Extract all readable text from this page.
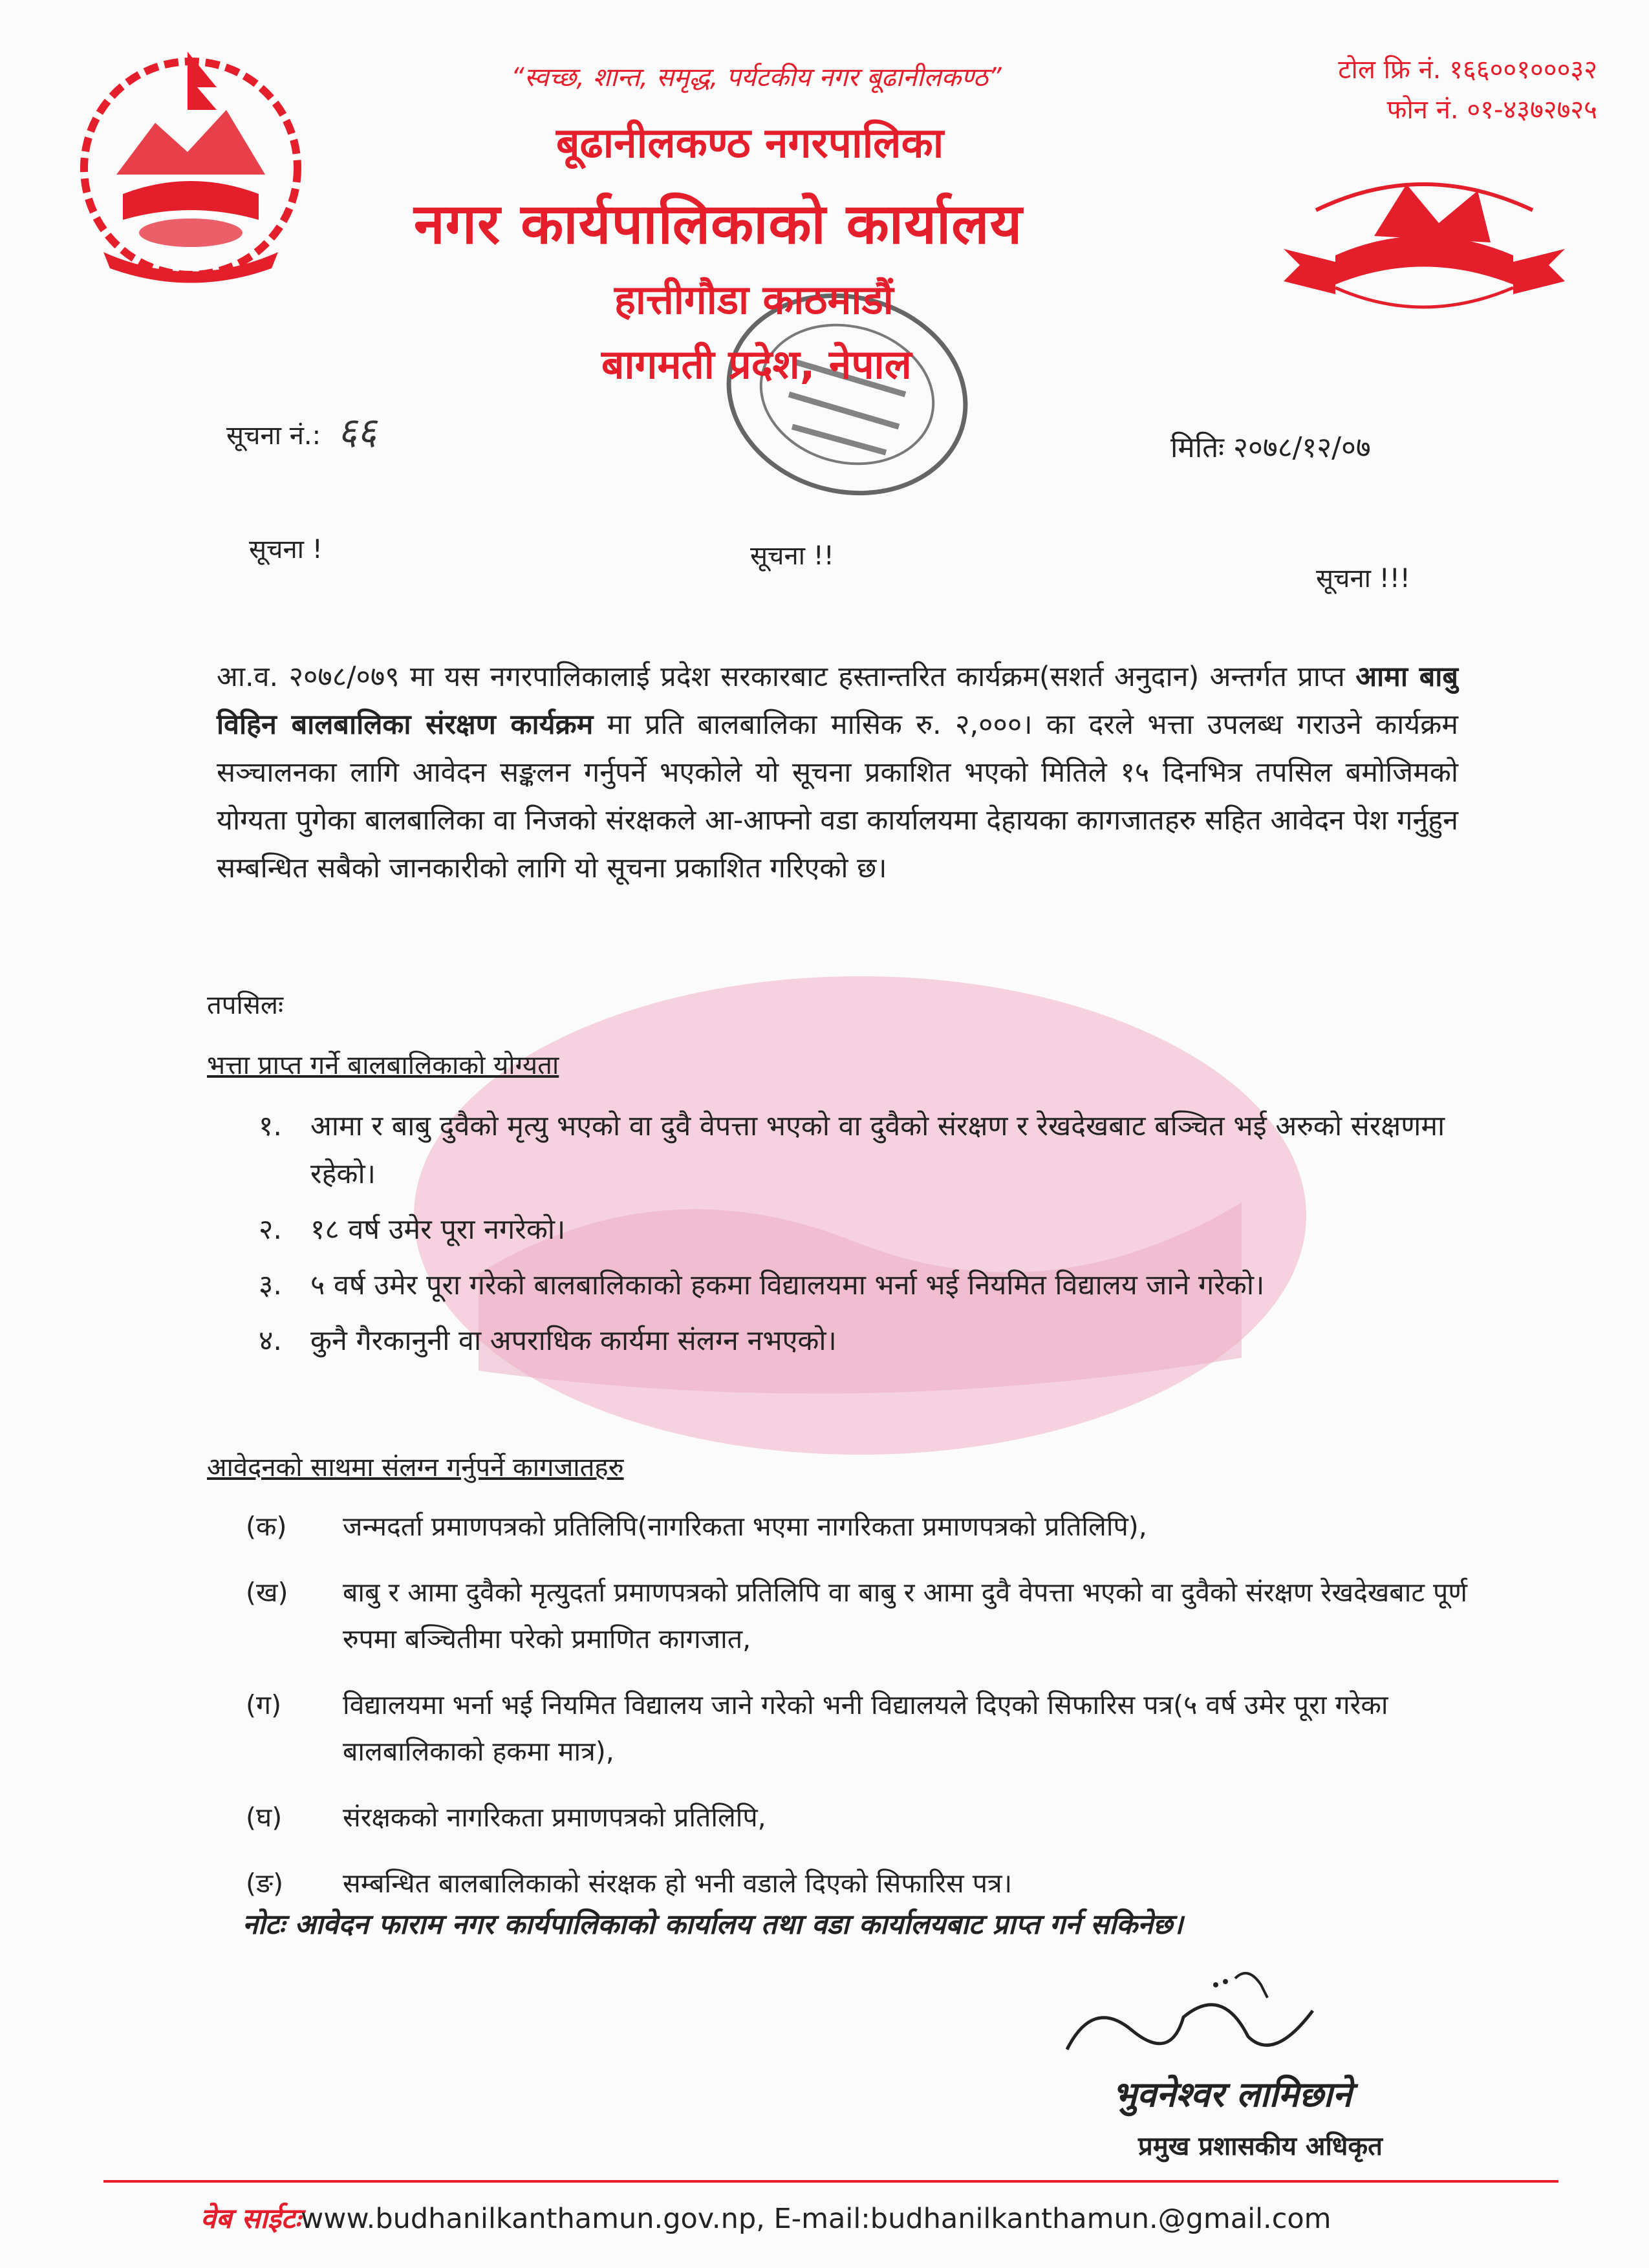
“स्वच्छ, शान्त, समृद्ध, पर्यटकीय नगर बूढानीलकण्ठ”
बूढानीलकण्ठ नगरपालिका
नगर कार्यपालिकाको कार्यालय
हात्तीगौडा काठमाडौं
बागमती प्रदेश, नेपाल
टोल फ्रि नं. १६६००१०००३२
फोन नं. ०१-४३७२७२५
सूचना नं.: ६६	मितिः २०७८/१२/०७
सूचना !	सूचना !!
सूचना !!!
आ.व. २०७८/०७९ मा यस नगरपालिकालाई प्रदेश सरकारबाट हस्तान्तरित कार्यक्रम(सशर्त अनुदान) अन्तर्गत प्राप्त आमा बाबु विहिन बालबालिका संरक्षण कार्यक्रम मा प्रति बालबालिका मासिक रु. २,०००। का दरले भत्ता उपलब्ध गराउने कार्यक्रम सञ्चालनका लागि आवेदन सङ्कलन गर्नुपर्ने भएकोले यो सूचना प्रकाशित भएको मितिले १५ दिनभित्र तपसिल बमोजिमको योग्यता पुगेका बालबालिका वा निजको संरक्षकले आ-आफ्नो वडा कार्यालयमा देहायका कागजातहरु सहित आवेदन पेश गर्नुहुन सम्बन्धित सबैको जानकारीको लागि यो सूचना प्रकाशित गरिएको छ।
तपसिलः
भत्ता प्राप्त गर्ने बालबालिकाको योग्यता
१. आमा र बाबु दुवैको मृत्यु भएको वा दुवै वेपत्ता भएको वा दुवैको संरक्षण र रेखदेखबाट बञ्चित भई अरुको संरक्षणमा रहेको।
२. १८ वर्ष उमेर पूरा नगरेको।
३. ५ वर्ष उमेर पूरा गरेको बालबालिकाको हकमा विद्यालयमा भर्ना भई नियमित विद्यालय जाने गरेको।
४. कुनै गैरकानुनी वा अपराधिक कार्यमा संलग्न नभएको।
आवेदनको साथमा संलग्न गर्नुपर्ने कागजातहरु
(क) जन्मदर्ता प्रमाणपत्रको प्रतिलिपि(नागरिकता भएमा नागरिकता प्रमाणपत्रको प्रतिलिपि),
(ख) बाबु र आमा दुवैको मृत्युदर्ता प्रमाणपत्रको प्रतिलिपि वा बाबु र आमा दुवै वेपत्ता भएको वा दुवैको संरक्षण रेखदेखबाट पूर्ण रुपमा बञ्चितीमा परेको प्रमाणित कागजात,
(ग) विद्यालयमा भर्ना भई नियमित विद्यालय जाने गरेको भनी विद्यालयले दिएको सिफारिस पत्र(५ वर्ष उमेर पूरा गरेका बालबालिकाको हकमा मात्र),
(घ) संरक्षकको नागरिकता प्रमाणपत्रको प्रतिलिपि,
(ङ) सम्बन्धित बालबालिकाको संरक्षक हो भनी वडाले दिएको सिफारिस पत्र।
नोटः आवेदन फाराम नगर कार्यपालिकाको कार्यालय तथा वडा कार्यालयबाट प्राप्त गर्न सकिनेछ।
भुवनेश्वर लामिछाने
प्रमुख प्रशासकीय अधिकृत
वेब साईटःwww.budhanilkanthamun.gov.np, E-mail:budhanilkanthamun.@gmail.com
